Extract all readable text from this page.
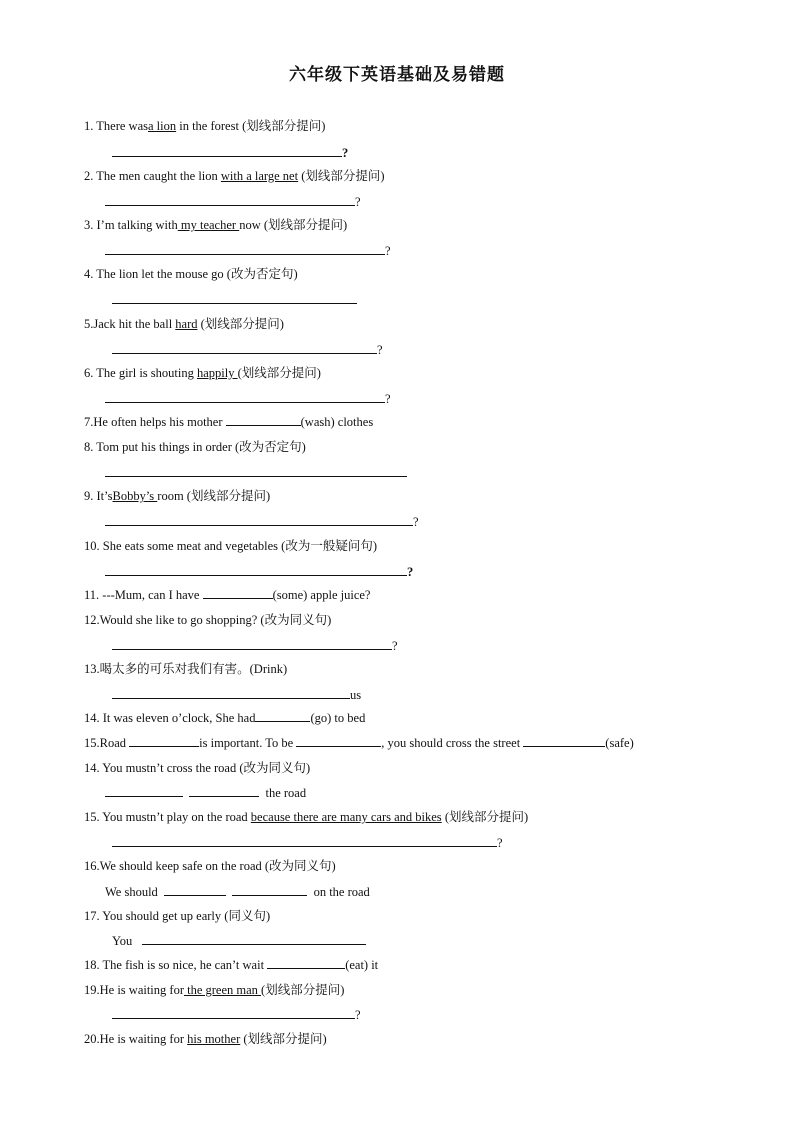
六年级下英语基础及易错题
1. There wasa lion in the forest (划线部分提问)
?
2. The men caught the lion with a large net (划线部分提问)
?
3. I’m talking with my teacher now (划线部分提问)
?
4. The lion let the mouse go (改为否定句)
5.Jack hit the ball hard (划线部分提问)
?
6. The girl is shouting happily (划线部分提问)
?
7.He often helps his mother	(wash) clothes
8. Tom put his things in order (改为否定句)
9. It’sBobby’s room (划线部分提问)
?
10. She eats some meat and vegetables (改为一般疑问句)
?
11. ---Mum, can I have	(some) apple juice?
12.Would she like to go shopping? (改为同义句)
?
13.喝太多的可乐对我们有害。(Drink)
us
14. It was eleven o’clock, She had	(go) to bed
15.Road	is important. To be	, you should cross the street	(safe)
14. You mustn’t cross the road (改为同义句)
the road
15. You mustn’t play on the road because there are many cars and bikes (划线部分提问)
?
16.We should keep safe on the road (改为同义句)
We should	on the road
17. You should get up early (同义句)
You
18. The fish is so nice, he can’t wait	(eat) it
19.He is waiting for the green man (划线部分提问)
?
20.He is waiting for his mother (划线部分提问)
